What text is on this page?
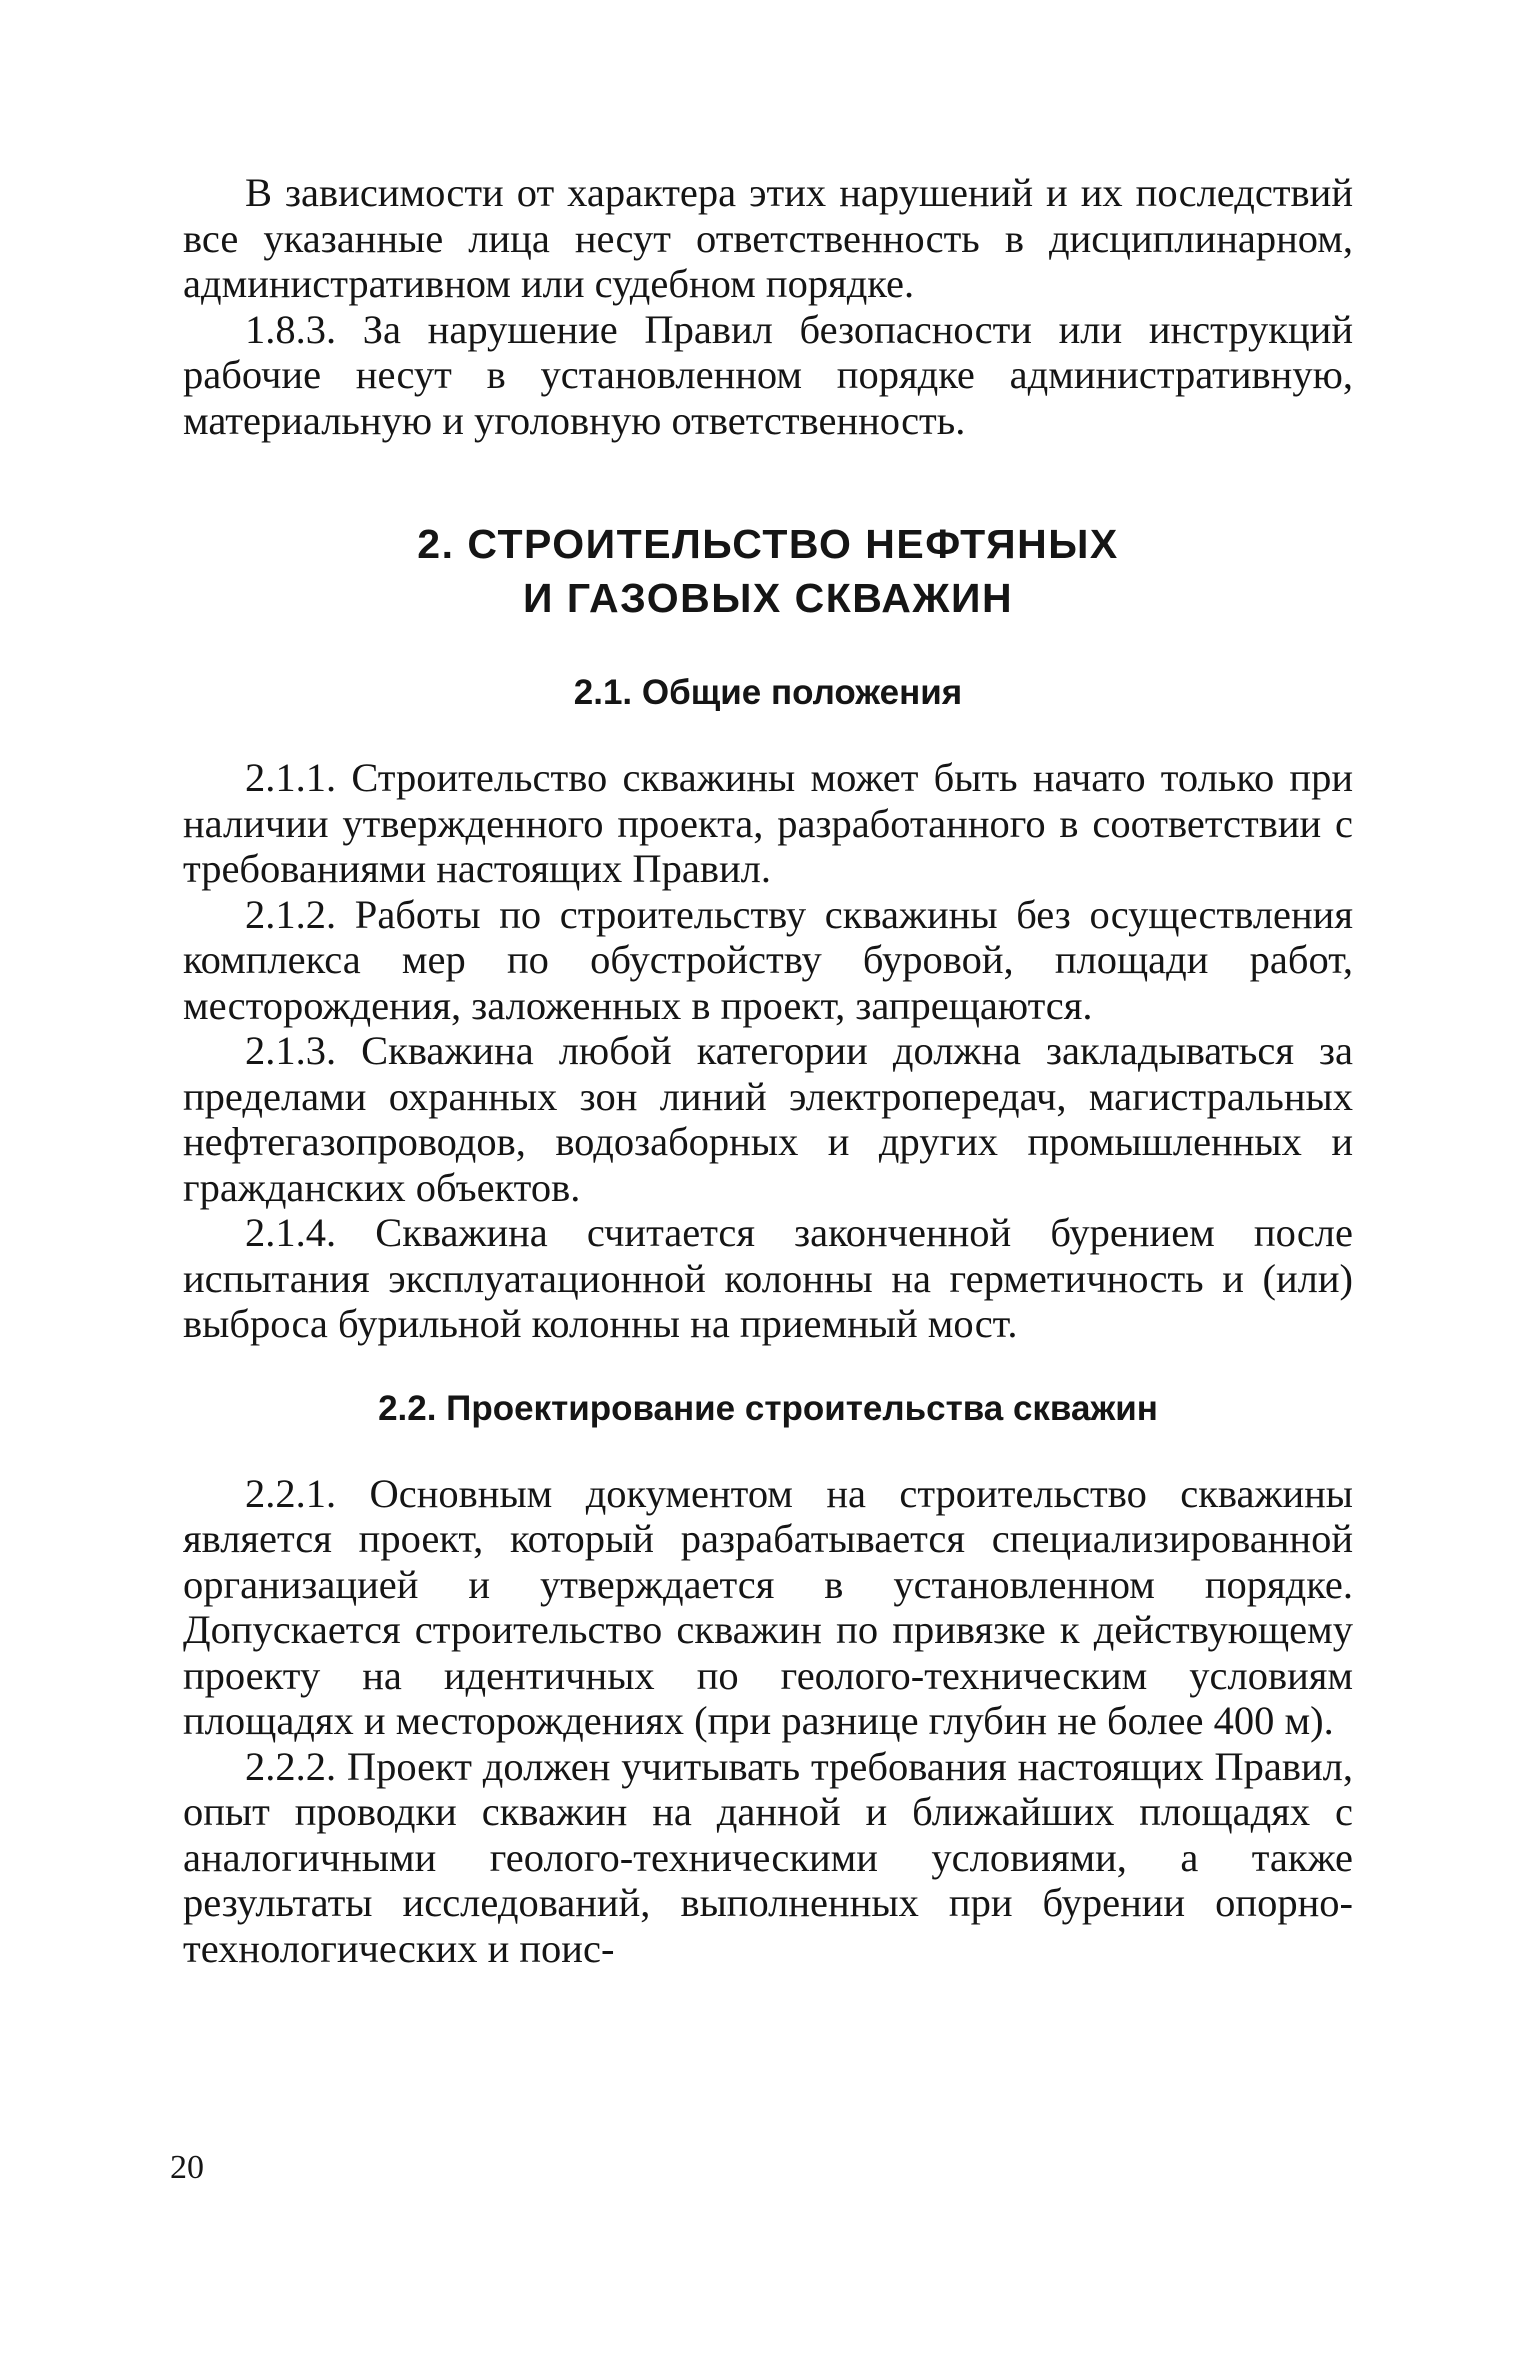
В зависимости от характера этих нарушений и их последствий все указанные лица несут ответственность в дисциплинарном, административном или судебном порядке.

1.8.3. За нарушение Правил безопасности или инструкций рабочие несут в установленном порядке административную, материальную и уголовную ответственность.

2. СТРОИТЕЛЬСТВО НЕФТЯНЫХ
И ГАЗОВЫХ СКВАЖИН
2.1. Общие положения

2.1.1. Строительство скважины может быть начато только при наличии утвержденного проекта, разработанного в соответствии с требованиями настоящих Правил.

2.1.2. Работы по строительству скважины без осуществления комплекса мер по обустройству буровой, площади работ, месторождения, заложенных в проект, запрещаются.

2.1.3. Скважина любой категории должна закладываться за пределами охранных зон линий электропередач, магистральных нефтегазопроводов, водозаборных и других промышленных и гражданских объектов.

2.1.4. Скважина считается законченной бурением после испытания эксплуатационной колонны на герметичность и (или) выброса бурильной колонны на приемный мост.

2.2. Проектирование строительства скважин

2.2.1. Основным документом на строительство скважины является проект, который разрабатывается специализированной организацией и утверждается в установленном порядке. Допускается строительство скважин по привязке к действующему проекту на идентичных по геолого-техническим условиям площадях и месторождениях (при разнице глубин не более 400 м).

2.2.2. Проект должен учитывать требования настоящих Правил, опыт проводки скважин на данной и ближайших площадях с аналогичными геолого-техническими условиями, а также результаты исследований, выполненных при бурении опорно-технологических и поис-

20
